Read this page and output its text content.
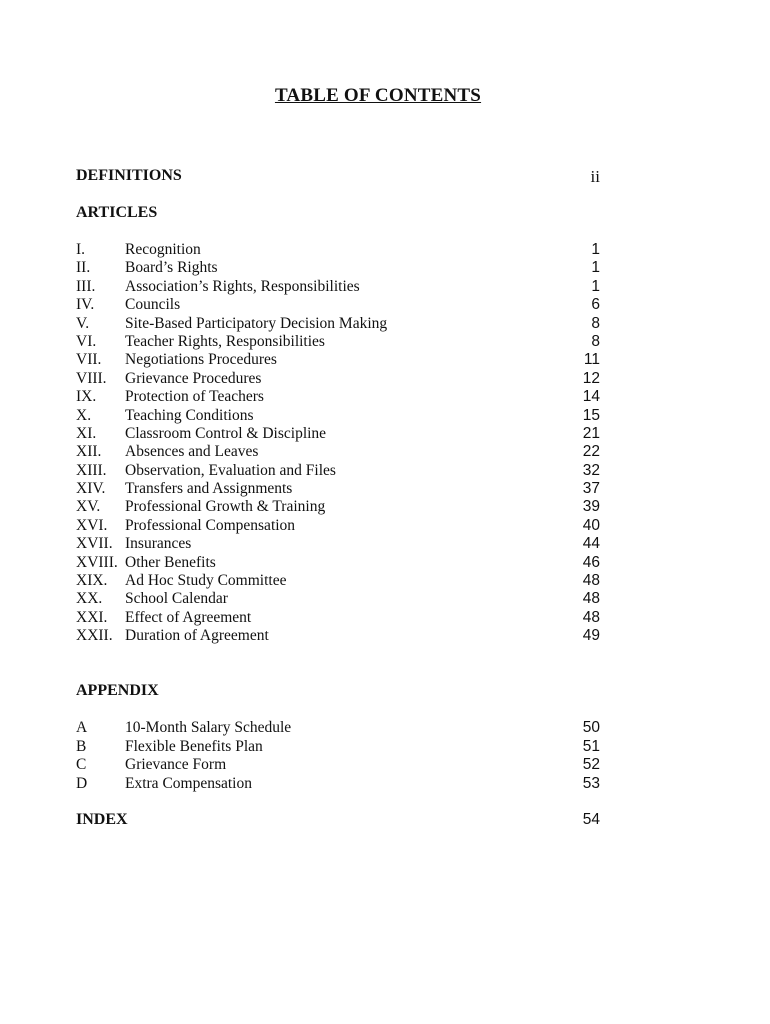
TABLE OF CONTENTS
DEFINITIONS	ii
ARTICLES
I.	Recognition	1
II. Board’s Rights	1
III. Association’s Rights, Responsibilities	1
IV. Councils	6
V. Site-Based Participatory Decision Making	8
VI. Teacher Rights, Responsibilities	8
VII. Negotiations Procedures	11
VIII. Grievance Procedures	12
IX. Protection of Teachers	14
X. Teaching Conditions	15
XI. Classroom Control & Discipline	21
XII. Absences and Leaves	22
XIII. Observation, Evaluation and Files	32
XIV. Transfers and Assignments	37
XV. Professional Growth & Training	39
XVI. Professional Compensation	40
XVII. Insurances	44
XVIII. Other Benefits	46
XIX. Ad Hoc Study Committee	48
XX. School Calendar	48
XXI. Effect of Agreement	48
XXII. Duration of Agreement	49
APPENDIX
A 10-Month Salary Schedule	50
B Flexible Benefits Plan	51
C Grievance Form	52
D Extra Compensation	53
INDEX	54
